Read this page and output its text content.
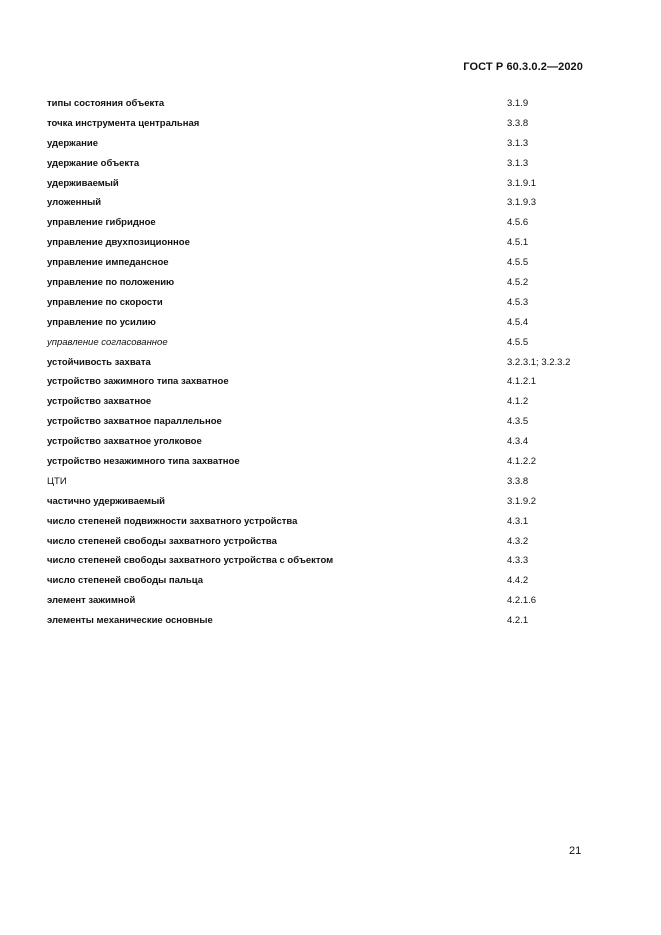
ГОСТ Р 60.3.0.2—2020
типы состояния объекта	3.1.9
точка инструмента центральная	3.3.8
удержание	3.1.3
удержание объекта	3.1.3
удерживаемый	3.1.9.1
уложенный	3.1.9.3
управление гибридное	4.5.6
управление двухпозиционное	4.5.1
управление импедансное	4.5.5
управление по положению	4.5.2
управление по скорости	4.5.3
управление по усилию	4.5.4
управление согласованное	4.5.5
устойчивость захвата	3.2.3.1; 3.2.3.2
устройство зажимного типа захватное	4.1.2.1
устройство захватное	4.1.2
устройство захватное параллельное	4.3.5
устройство захватное уголковое	4.3.4
устройство незажимного типа захватное	4.1.2.2
ЦТИ	3.3.8
частично удерживаемый	3.1.9.2
число степеней подвижности захватного устройства	4.3.1
число степеней свободы захватного устройства	4.3.2
число степеней свободы захватного устройства с объектом	4.3.3
число степеней свободы пальца	4.4.2
элемент зажимной	4.2.1.6
элементы механические основные	4.2.1
21
